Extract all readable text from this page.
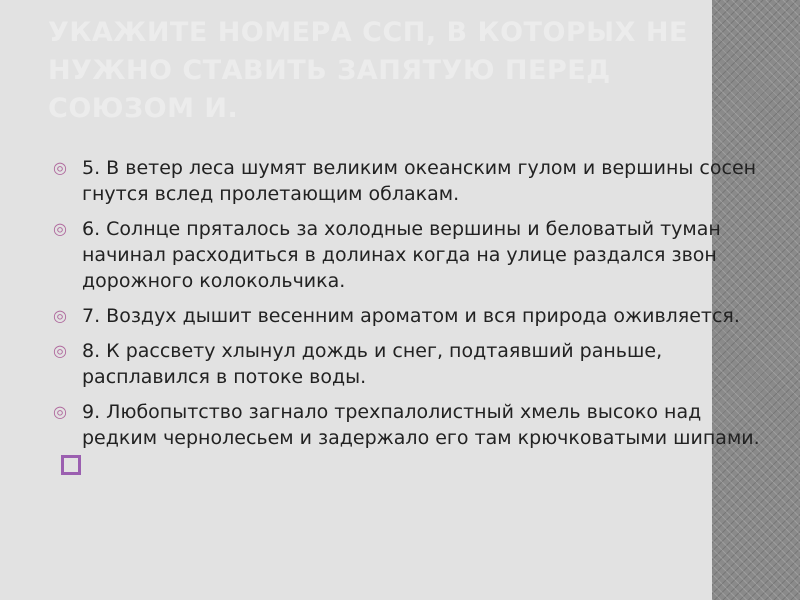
УКАЖИТЕ НОМЕРА ССП, В КОТОРЫХ НЕ НУЖНО СТАВИТЬ ЗАПЯТУЮ ПЕРЕД СОЮЗОМ И.
◎ 5. В ветер леса шумят великим океанским гулом и вершины сосен гнутся вслед пролетающим облакам.
◎ 6. Солнце пряталось за холодные вершины и беловатый туман начинал расходиться в долинах когда на улице раздался звон дорожного колокольчика.
◎ 7. Воздух дышит весенним ароматом и вся природа оживляется.
◎ 8. К рассвету хлынул дождь и снег, подтаявший раньше, расплавился в потоке воды.
◎ 9. Любопытство загнало трехпалолистный хмель высоко над редким чернолесьем и задержало его там крючковатыми шипами.
